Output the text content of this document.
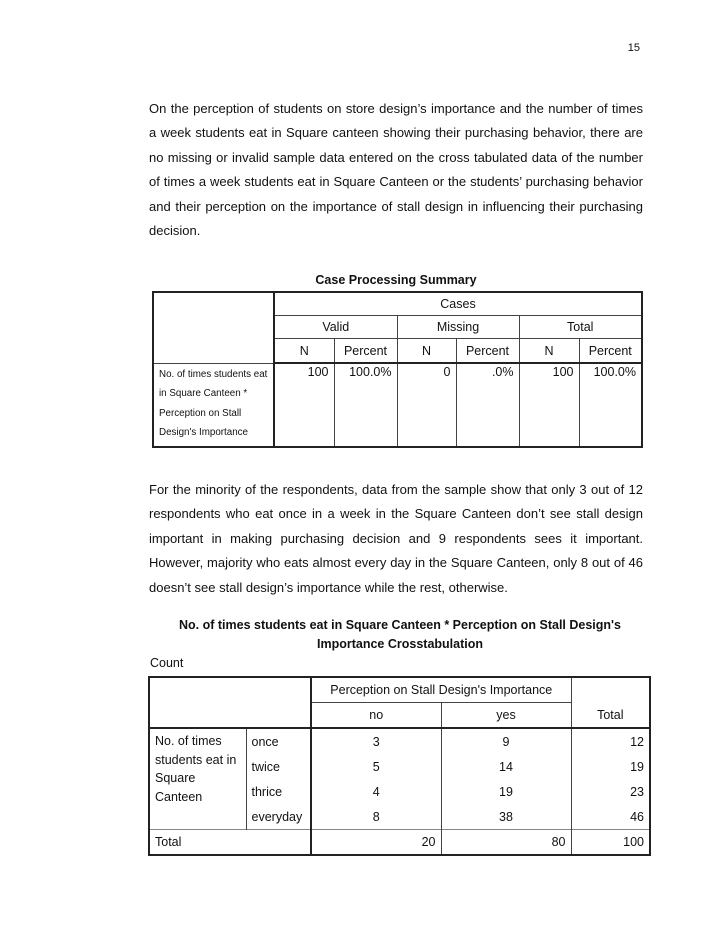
15

On the perception of students on store design’s importance and the number of times a week students eat in Square canteen showing their purchasing behavior, there are no missing or invalid sample data entered on the cross tabulated data of the number of times a week students eat in Square Canteen or the students’ purchasing behavior and their perception on the importance of stall design in influencing their purchasing decision.

Case Processing Summary
	Cases					
	Valid		Missing		Total	
	N	Percent	N	Percent	N	Percent
No. of times students eat in Square Canteen * Perception on Stall Design's Importance	100	100.0%	0	.0%	100	100.0%

For the minority of the respondents, data from the sample show that only 3 out of 12 respondents who eat once in a week in the Square Canteen don’t see stall design important in making purchasing decision and 9 respondents sees it important. However, majority who eats almost every day in the Square Canteen, only 8 out of 46 doesn’t see stall design’s importance while the rest, otherwise.

No. of times students eat in Square Canteen * Perception on Stall Design's Importance Crosstabulation
Count
		Perception on Stall Design's Importance		
		no	yes	Total
No. of times students eat in Square Canteen	once	3	9	12
	twice	5	14	19
	thrice	4	19	23
	everyday	8	38	46
Total		20	80	100
